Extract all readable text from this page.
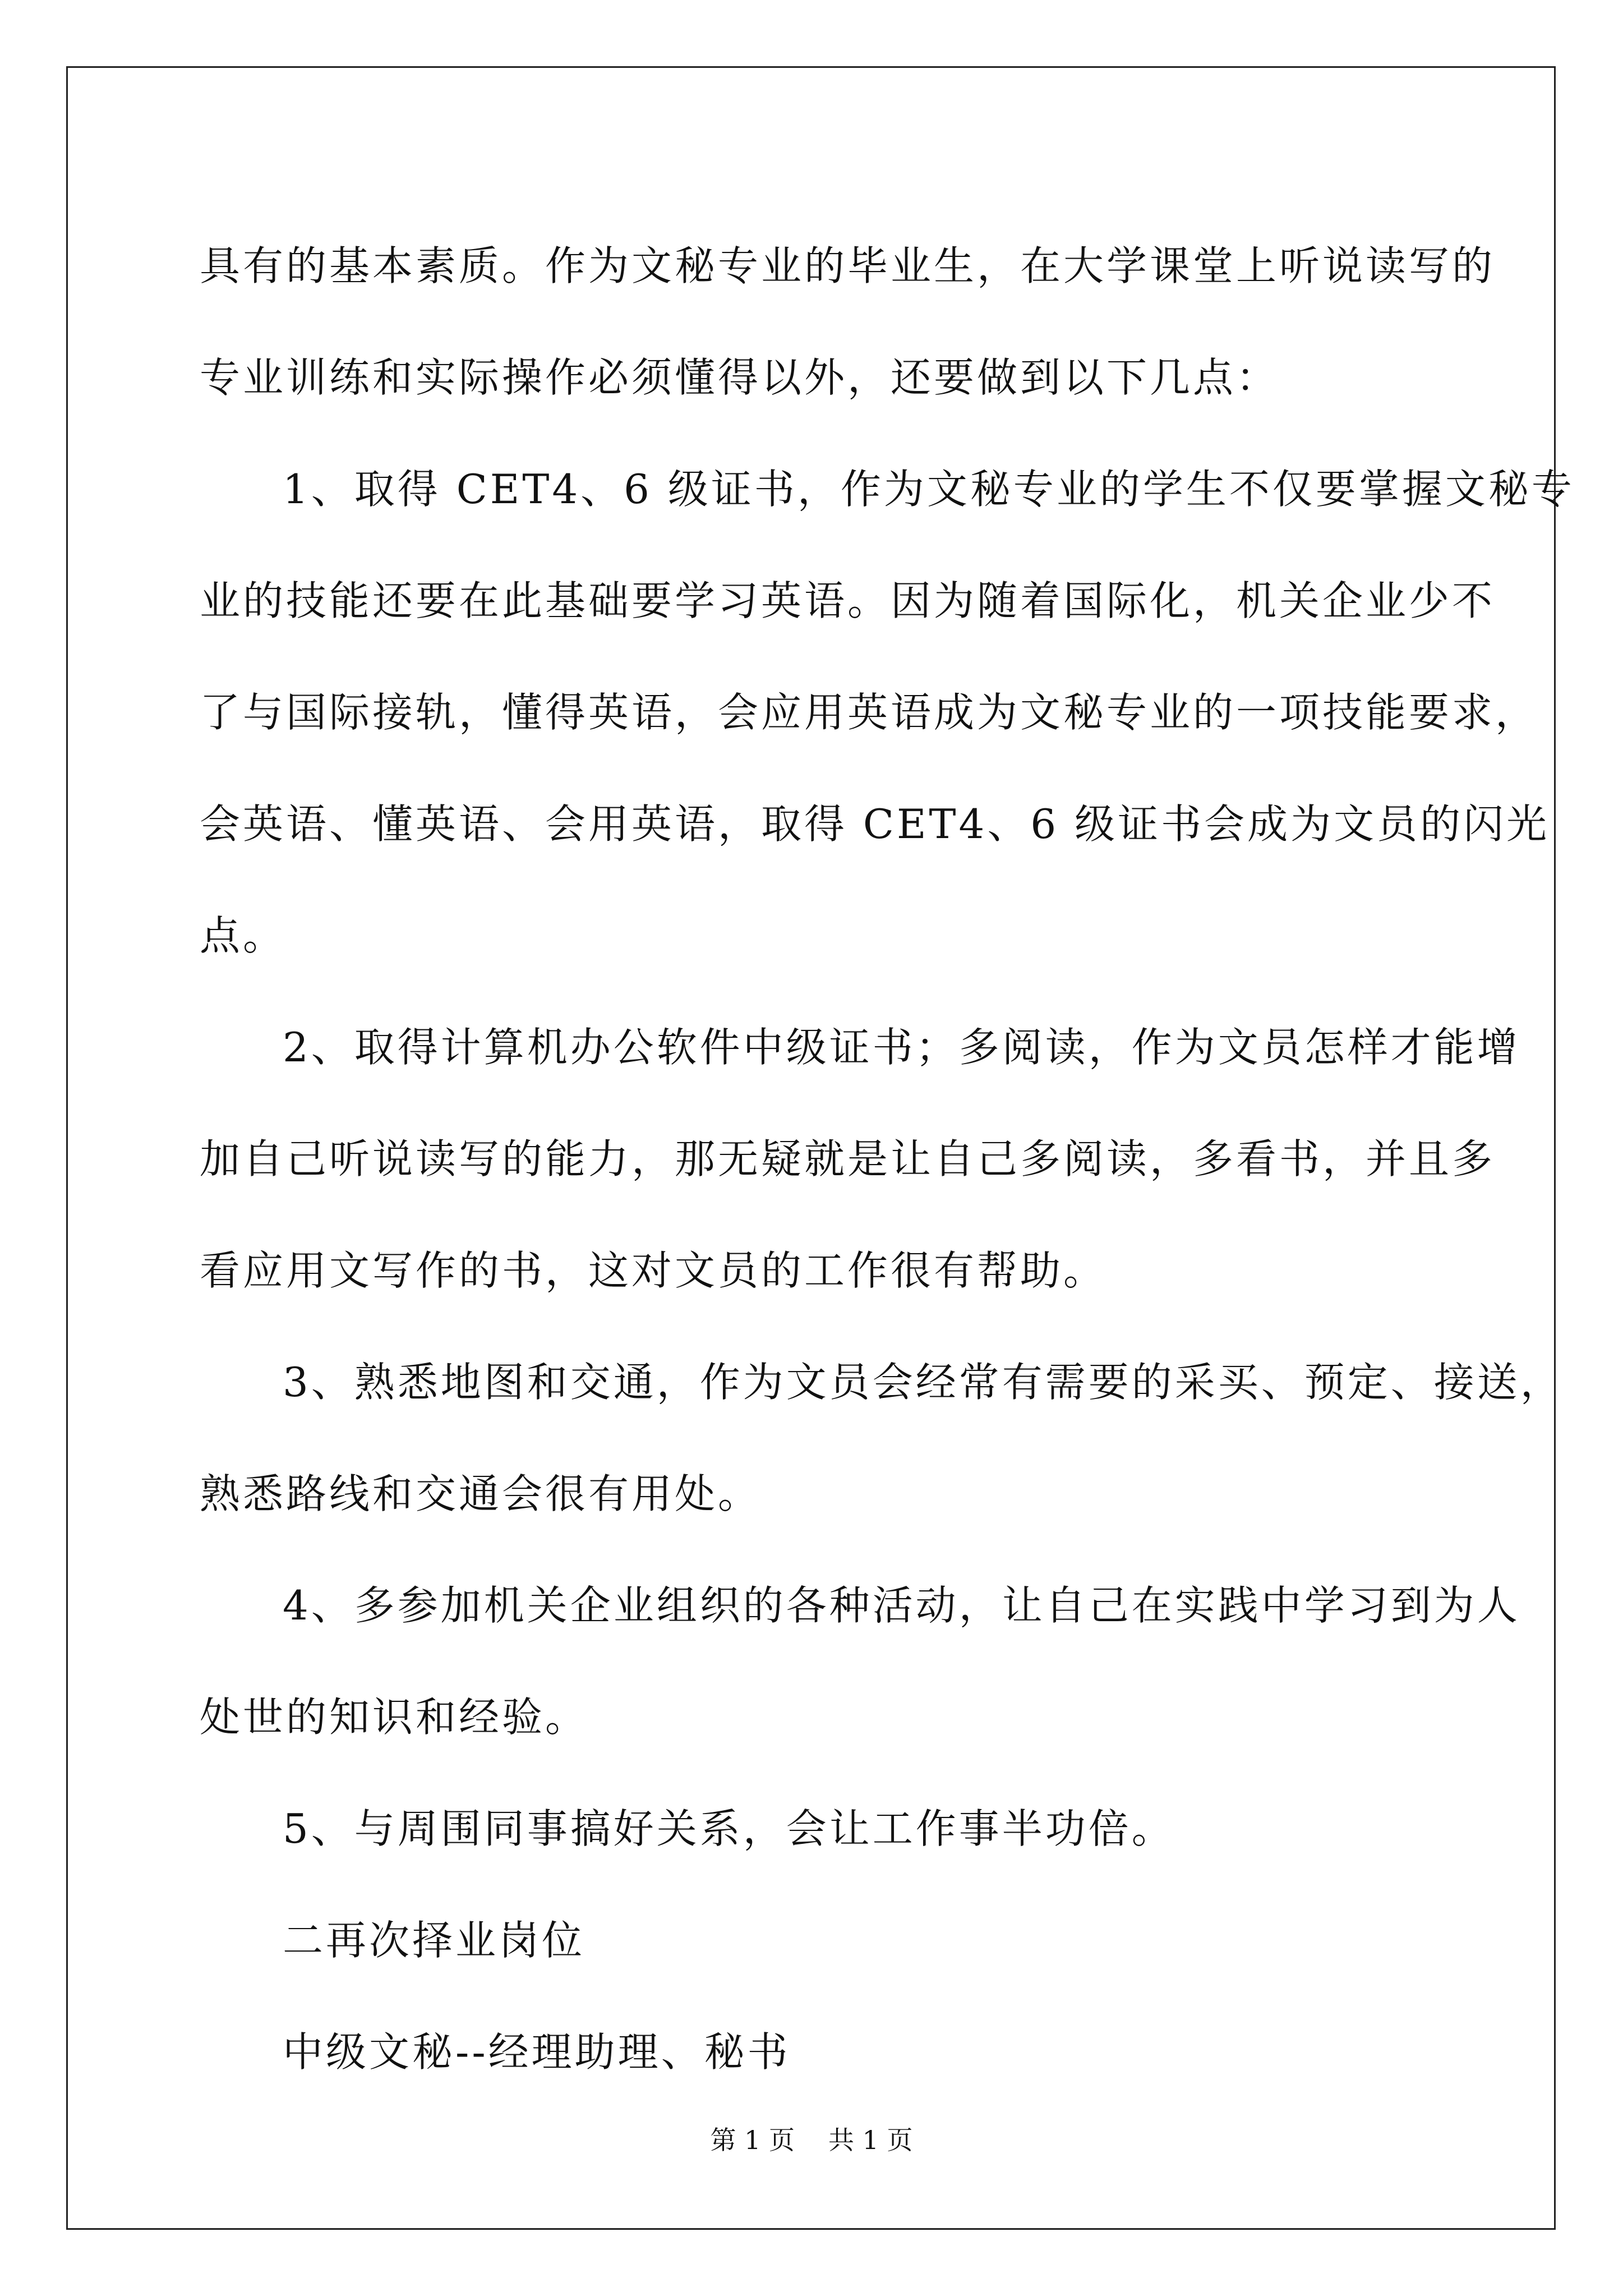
具有的基本素质。作为文秘专业的毕业生，在大学课堂上听说读写的
专业训练和实际操作必须懂得以外，还要做到以下几点：
1、取得 CET4、6 级证书，作为文秘专业的学生不仅要掌握文秘专
业的技能还要在此基础要学习英语。因为随着国际化，机关企业少不
了与国际接轨，懂得英语，会应用英语成为文秘专业的一项技能要求，
会英语、懂英语、会用英语，取得 CET4、6 级证书会成为文员的闪光
点。
2、取得计算机办公软件中级证书；多阅读，作为文员怎样才能增
加自己听说读写的能力，那无疑就是让自己多阅读，多看书，并且多
看应用文写作的书，这对文员的工作很有帮助。
3、熟悉地图和交通，作为文员会经常有需要的采买、预定、接送，
熟悉路线和交通会很有用处。
4、多参加机关企业组织的各种活动，让自己在实践中学习到为人
处世的知识和经验。
5、与周围同事搞好关系，会让工作事半功倍。
二再次择业岗位
中级文秘--经理助理、秘书
第 1 页 共 1 页
